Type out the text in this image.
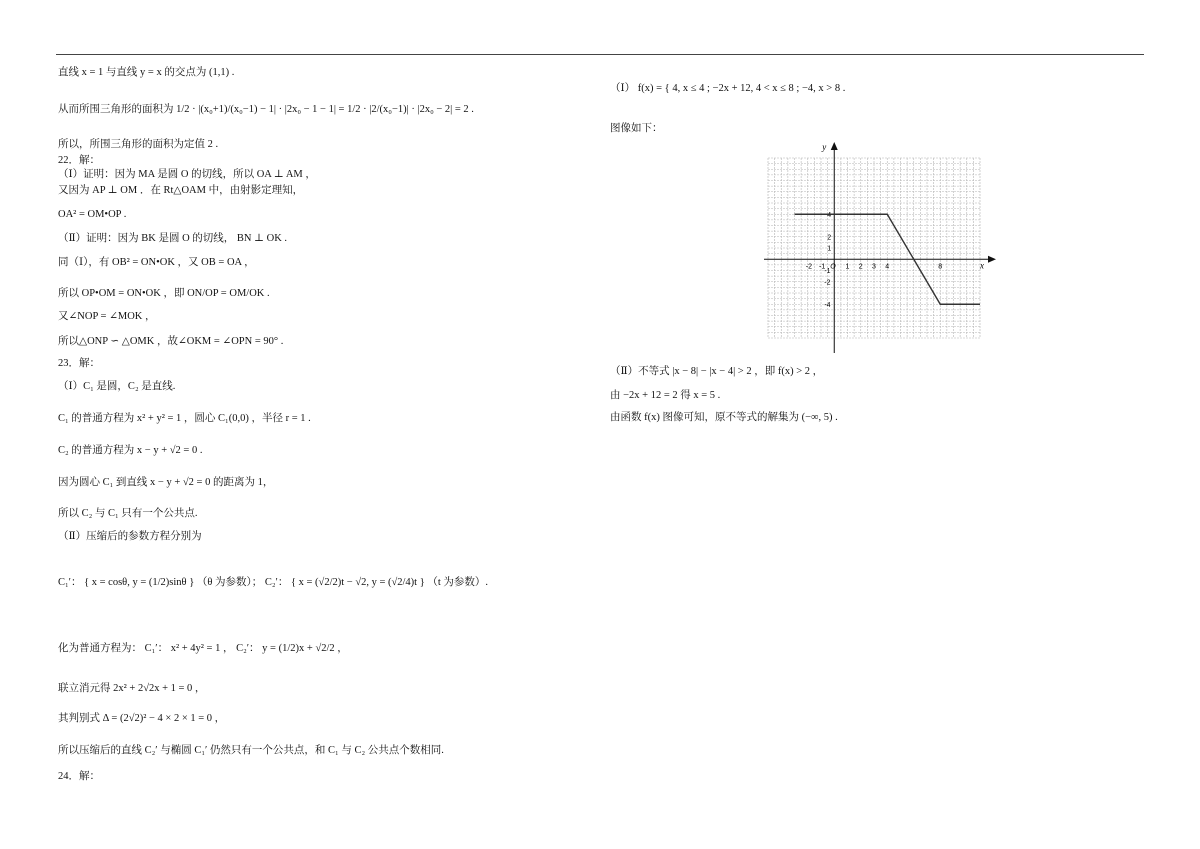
直线 x = 1 与直线 y = x 的交点为 (1,1) .
从而所围三角形的面积为 1/2 · |(x₀+1)/(x₀−1) − 1| · |2x₀ − 1 − 1| = 1/2 · |2/(x₀−1)| · |2x₀ − 2| = 2 .
所以，所围三角形的面积为定值 2 .
22．解：
（Ⅰ）证明：因为 MA 是圆 O 的切线，所以 OA ⊥ AM ，
又因为 AP ⊥ OM ．在 Rt△OAM 中，由射影定理知，
OA² = OM•OP .
（Ⅱ）证明：因为 BK 是圆 O 的切线， BN ⊥ OK .
同（Ⅰ），有 OB² = ON•OK ，又 OB = OA ，
所以 OP•OM = ON•OK ，即 ON/OP = OM/OK .
又∠NOP = ∠MOK ，
所以△ONP ∽ △OMK ，故∠OKM = ∠OPN = 90° .
23．解：
（Ⅰ）C₁ 是圆，C₂ 是直线.
C₁ 的普通方程为 x² + y² = 1 ，圆心 C₁(0,0) ，半径 r = 1 .
C₂ 的普通方程为 x − y + √2 = 0 .
因为圆心 C₁ 到直线 x − y + √2 = 0 的距离为 1，
所以 C₂ 与 C₁ 只有一个公共点.
（Ⅱ）压缩后的参数方程分别为
C₁′： { x = cosθ, y = (1/2)sinθ } （θ 为参数）； C₂′： { x = (√2/2)t − √2, y = (√2/4)t } （t 为参数）.
化为普通方程为： C₁′： x² + 4y² = 1 ， C₂′： y = (1/2)x + √2/2 ，
联立消元得 2x² + 2√2x + 1 = 0 ，
其判别式 Δ = (2√2)² − 4 × 2 × 1 = 0 ，
所以压缩后的直线 C₂′ 与椭圆 C₁′ 仍然只有一个公共点，和 C₁ 与 C₂ 公共点个数相同.
24．解：
（Ⅰ） f(x) = { 4, x ≤ 4 ; −2x + 12, 4 < x ≤ 8 ; −4, x > 8 .
图像如下：
x
y
-2 -1 O 1 2 3 4	8
4
2
1
-1
-2
-4
（Ⅱ）不等式 |x − 8| − |x − 4| > 2 ，即 f(x) > 2 ，
由 −2x + 12 = 2 得 x = 5 .
由函数 f(x) 图像可知，原不等式的解集为 (−∞, 5) .
